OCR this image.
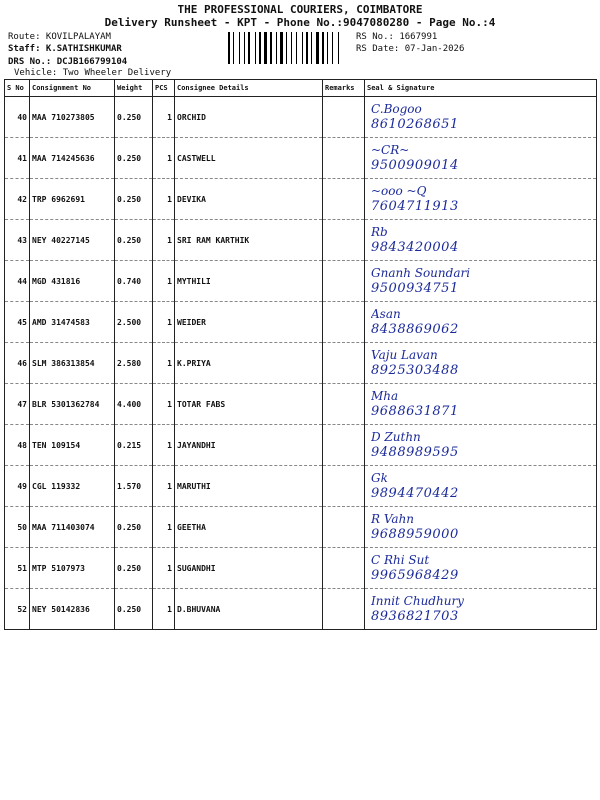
THE PROFESSIONAL COURIERS, COIMBATORE
Delivery Runsheet - KPT - Phone No.:9047080280 - Page No.:4
Route: KOVILPALAYAM
Staff: K.SATHISHKUMAR
DRS No.: DCJB166799104
Vehicle: Two Wheeler Delivery
RS No.: 1667991
RS Date: 07-Jan-2026
S No	Consignment No	Weight	PCS	Consignee Details	Remarks	Seal & Signature
40	MAA 710273805	0.250	1	ORCHID		C.Bogoo
8610268651

41	MAA 714245636	0.250	1	CASTWELL		~CR~
9500909014

42	TRP 6962691	0.250	1	DEVIKA		~ooo ~Q
7604711913

43	NEY 40227145	0.250	1	SRI RAM KARTHIK		Rb
9843420004

44	MGD 431816	0.740	1	MYTHILI		Gnanh Soundari
9500934751

45	AMD 31474583	2.500	1	WEIDER		Asan
8438869062

46	SLM 386313854	2.580	1	K.PRIYA		Vaju Lavan
8925303488

47	BLR 5301362784	4.400	1	TOTAR FABS		Mha
9688631871

48	TEN 109154	0.215	1	JAYANDHI		D Zuthn
9488989595

49	CGL 119332	1.570	1	MARUTHI		Gk
9894470442

50	MAA 711403074	0.250	1	GEETHA		R Vahn
9688959000

51	MTP 5107973	0.250	1	SUGANDHI		C Rhi Sut
9965968429

52	NEY 50142836	0.250	1	D.BHUVANA		Innit Chudhury
8936821703
